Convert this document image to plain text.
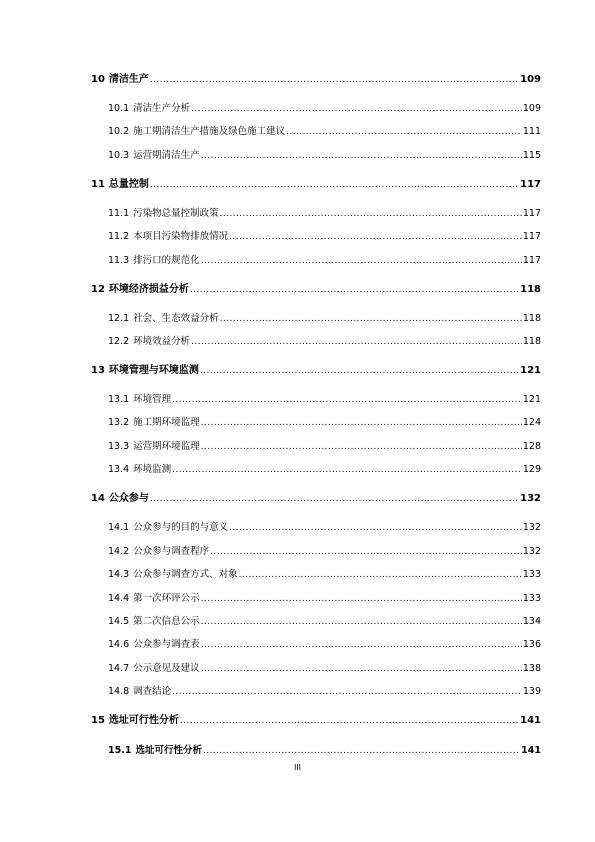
10 清洁生产 .....	109
10.1 清洁生产分析 .....	109
10.2 施工期清洁生产措施及绿色施工建议 .....	111
10.3 运营期清洁生产 .....	115
11 总量控制 .....	117
11.1 污染物总量控制政策 .....	117
11.2 本项目污染物排放情况 .....	117
11.3 排污口的规范化 .....	117
12 环境经济损益分析 .....	118
12.1 社会、生态效益分析 .....	118
12.2 环境效益分析 .....	118
13 环境管理与环境监测 .....	121
13.1 环境管理 .....	121
13.2 施工期环境监理 .....	124
13.3 运营期环境监理 .....	128
13.4 环境监测 .....	129
14 公众参与 .....	132
14.1 公众参与的目的与意义 .....	132
14.2 公众参与调查程序 .....	132
14.3 公众参与调查方式、对象 .....	133
14.4 第一次环评公示 .....	133
14.5 第二次信息公示 .....	134
14.6 公众参与调查表 .....	136
14.7 公示意见及建议 .....	138
14.8 调查结论 .....	139
15 选址可行性分析 .....	141
15.1 选址可行性分析 .....	141
III
